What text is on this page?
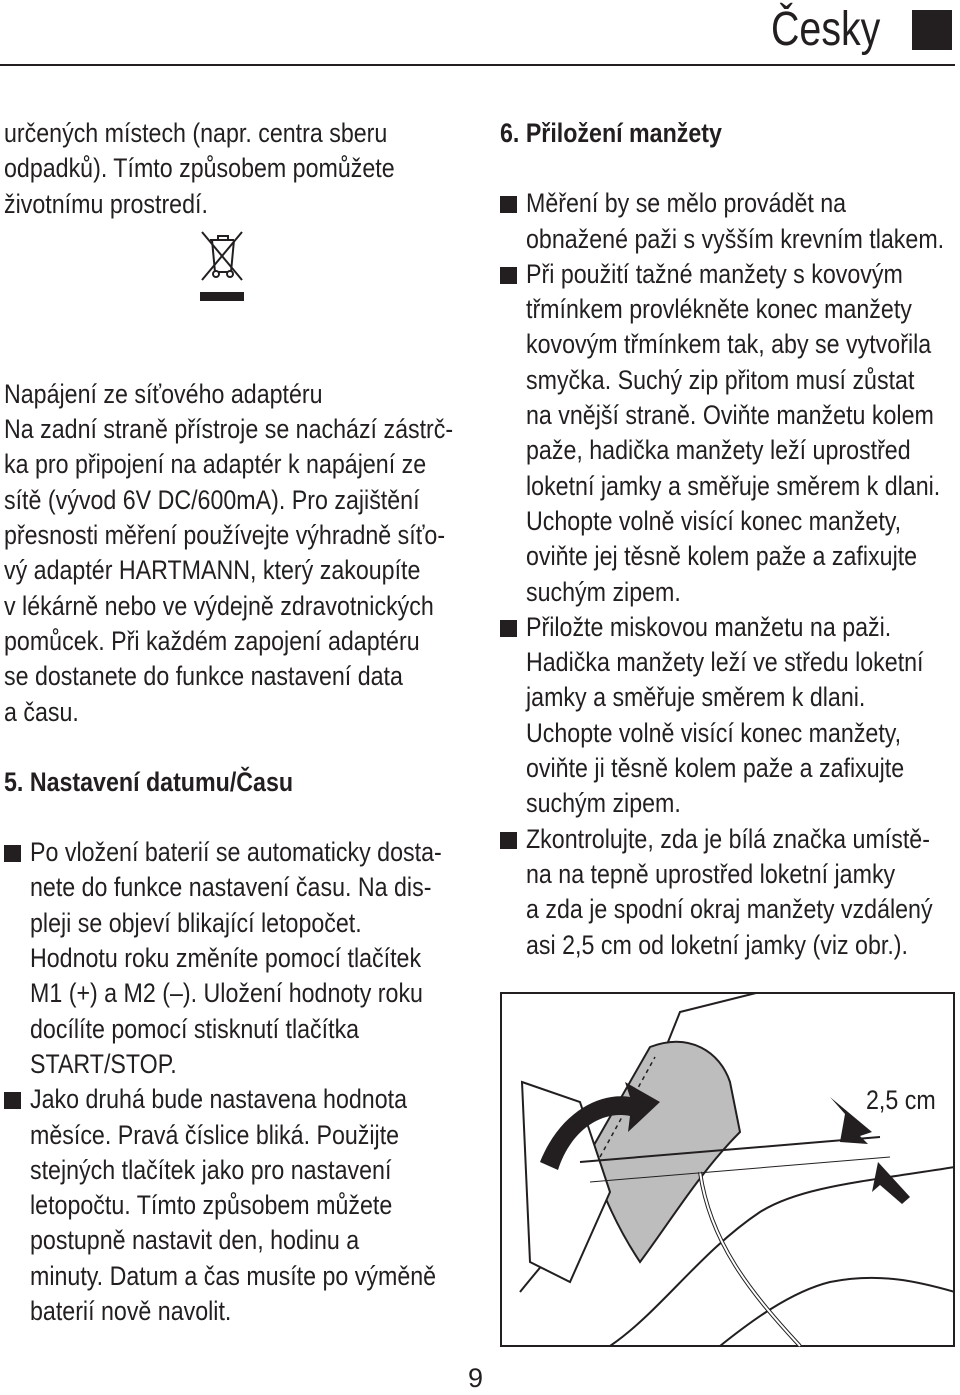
Česky
určených místech (napr. centra sberu
odpadků). Tímto způsobem pomůžete
životnímu prostredí.
Napájení ze síťového adaptéru
Na zadní straně přístroje se nachází zástrč-
ka pro připojení na adaptér k napájení ze
sítě (vývod 6V DC/600mA). Pro zajištění
přesnosti měření používejte výhradně síťo-
vý adaptér HARTMANN, který zakoupíte
v lékárně nebo ve výdejně zdravotnických
pomůcek. Při každém zapojení adaptéru
se dostanete do funkce nastavení data
a času.
5. Nastavení datumu/Času
Po vložení baterií se automaticky dosta-
nete do funkce nastavení času. Na dis-
pleji se objeví blikající letopočet.
Hodnotu roku změníte pomocí tlačítek
M1 (+) a M2 (–). Uložení hodnoty roku
docílíte pomocí stisknutí tlačítka
START/STOP.
Jako druhá bude nastavena hodnota
měsíce. Pravá číslice bliká. Použijte
stejných tlačítek jako pro nastavení
letopočtu. Tímto způsobem můžete
postupně nastavit den, hodinu a
minuty. Datum a čas musíte po výměně
baterií nově navolit.
6. Přiložení manžety
Měření by se mělo provádět na
obnažené paži s vyšším krevním tlakem.
Při použití tažné manžety s kovovým
třmínkem provlékněte konec manžety
kovovým třmínkem tak, aby se vytvořila
smyčka. Suchý zip přitom musí zůstat
na vnější straně. Oviňte manžetu kolem
paže, hadička manžety leží uprostřed
loketní jamky a směřuje směrem k dlani.
Uchopte volně visící konec manžety,
oviňte jej těsně kolem paže a zafixujte
suchým zipem.
Přiložte miskovou manžetu na paži.
Hadička manžety leží ve středu loketní
jamky a směřuje směrem k dlani.
Uchopte volně visící konec manžety,
oviňte ji těsně kolem paže a zafixujte
suchým zipem.
Zkontrolujte, zda je bílá značka umístě-
na na tepně uprostřed loketní jamky
a zda je spodní okraj manžety vzdálený
asi 2,5 cm od loketní jamky (viz obr.).
2,5 cm
9
